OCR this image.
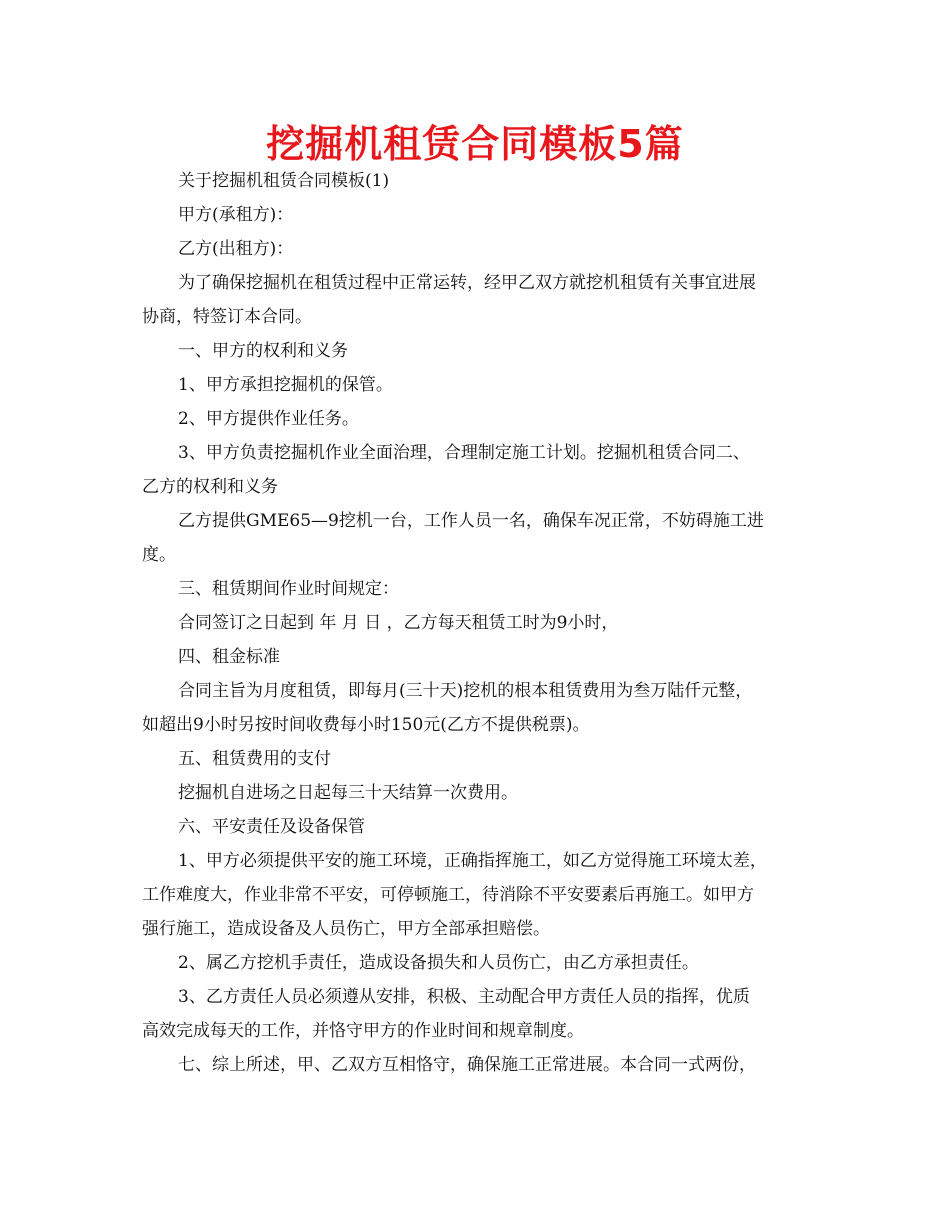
挖掘机租赁合同模板5篇
关于挖掘机租赁合同模板(1)
甲方(承租方)：
乙方(出租方)：
为了确保挖掘机在租赁过程中正常运转，经甲乙双方就挖机租赁有关事宜进展
协商，特签订本合同。
一、甲方的权利和义务
1、甲方承担挖掘机的保管。
2、甲方提供作业任务。
3、甲方负责挖掘机作业全面治理，合理制定施工计划。挖掘机租赁合同二、
乙方的权利和义务
乙方提供GME65—9挖机一台，工作人员一名，确保车况正常，不妨碍施工进
度。
三、租赁期间作业时间规定：
合同签订之日起到 年 月 日 ，乙方每天租赁工时为9小时，
四、租金标准
合同主旨为月度租赁，即每月(三十天)挖机的根本租赁费用为叁万陆仟元整，
如超出9小时另按时间收费每小时150元(乙方不提供税票)。
五、租赁费用的支付
挖掘机自进场之日起每三十天结算一次费用。
六、平安责任及设备保管
1、甲方必须提供平安的施工环境，正确指挥施工，如乙方觉得施工环境太差，
工作难度大，作业非常不平安，可停顿施工，待消除不平安要素后再施工。如甲方
强行施工，造成设备及人员伤亡，甲方全部承担赔偿。
2、属乙方挖机手责任，造成设备损失和人员伤亡，由乙方承担责任。
3、乙方责任人员必须遵从安排，积极、主动配合甲方责任人员的指挥，优质
高效完成每天的工作，并恪守甲方的作业时间和规章制度。
七、综上所述，甲、乙双方互相恪守，确保施工正常进展。本合同一式两份，
